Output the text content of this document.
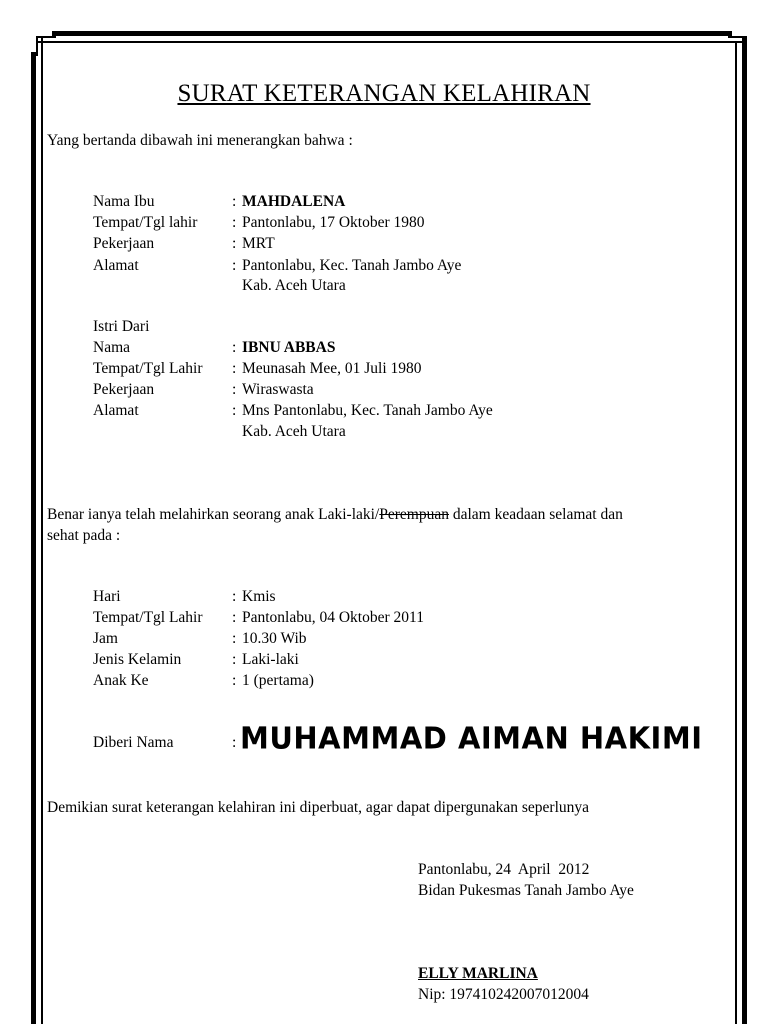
SURAT KETERANGAN KELAHIRAN
Yang bertanda dibawah ini menerangkan bahwa :
Nama Ibu	: MAHDALENA
Tempat/Tgl lahir : Pantonlabu, 17 Oktober 1980
Pekerjaan	: MRT
Alamat	: Pantonlabu, Kec. Tanah Jambo Aye
Kab. Aceh Utara
Istri Dari
Nama	: IBNU ABBAS
Tempat/Tgl Lahir : Meunasah Mee, 01 Juli 1980
Pekerjaan	: Wiraswasta
Alamat	: Mns Pantonlabu, Kec. Tanah Jambo Aye
Kab. Aceh Utara
Benar ianya telah melahirkan seorang anak Laki-laki/Perempuan dalam keadaan selamat dan
sehat pada :
Hari	: Kmis
Tempat/Tgl Lahir : Pantonlabu, 04 Oktober 2011
Jam	: 10.30 Wib
Jenis Kelamin	: Laki-laki
Anak Ke	: 1 (pertama)
Diberi Nama	: MUHAMMAD AIMAN HAKIMI
Demikian surat keterangan kelahiran ini diperbuat, agar dapat dipergunakan seperlunya
Pantonlabu, 24  April  2012
Bidan Pukesmas Tanah Jambo Aye
ELLY MARLINA
Nip: 197410242007012004
